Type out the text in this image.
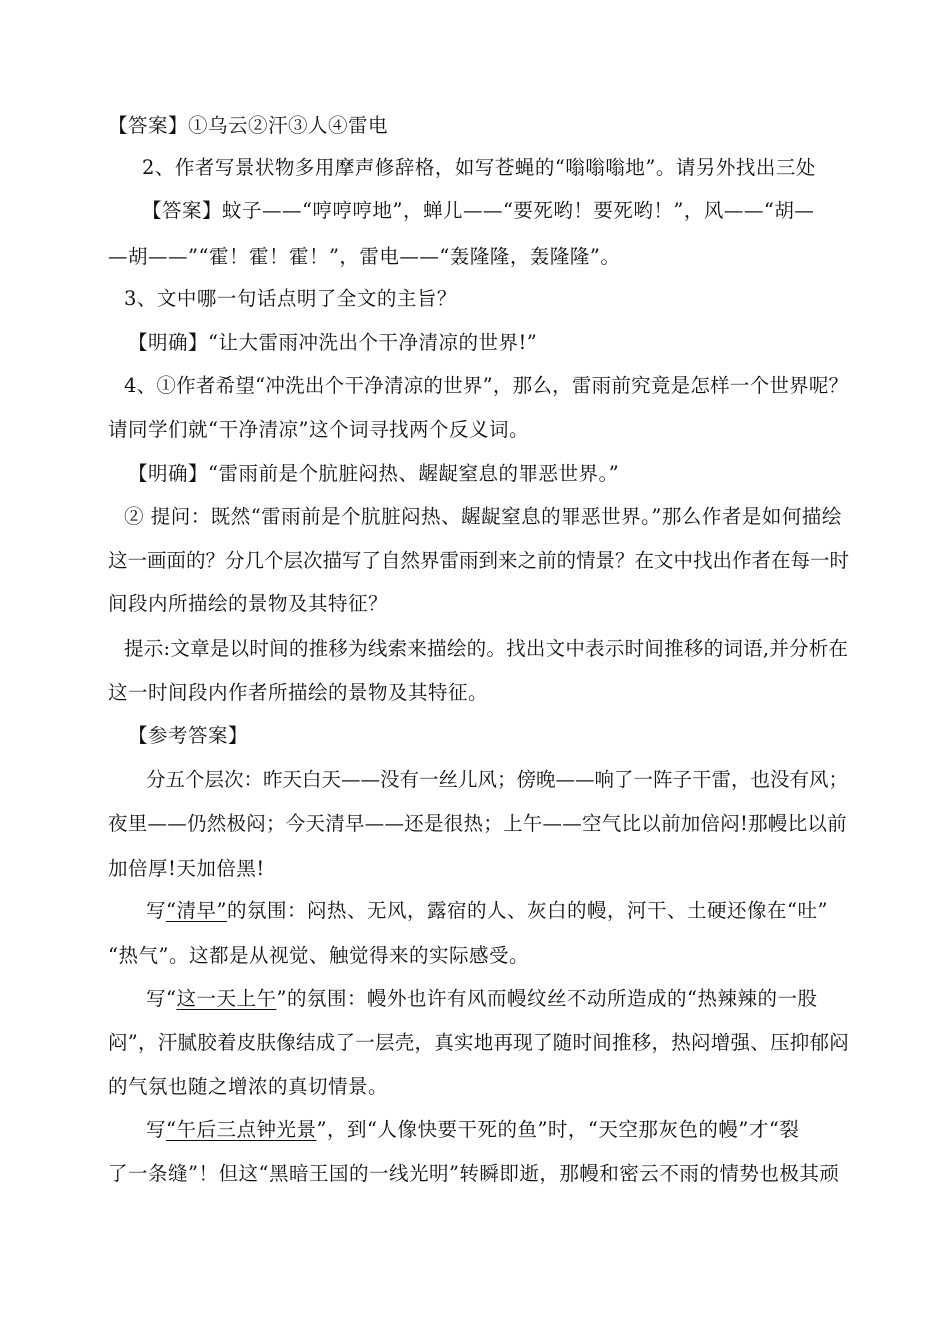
【答案】①乌云②汗③人④雷电
2、作者写景状物多用摩声修辞格，如写苍蝇的“嗡嗡嗡地”。请另外找出三处
【答案】蚊子——“哼哼哼地”，蝉儿——“要死哟！要死哟！”，风——“胡—
—胡——”“霍！霍！霍！”，雷电——“轰隆隆，轰隆隆”。
3、文中哪一句话点明了全文的主旨？
【明确】“让大雷雨冲洗出个干净清凉的世界!”
4、①作者希望“冲洗出个干净清凉的世界”，那么，雷雨前究竟是怎样一个世界呢？
请同学们就“干净清凉”这个词寻找两个反义词。
【明确】“雷雨前是个肮脏闷热、龌龊窒息的罪恶世界。”
② 提问：既然“雷雨前是个肮脏闷热、龌龊窒息的罪恶世界。”那么作者是如何描绘
这一画面的？分几个层次描写了自然界雷雨到来之前的情景？在文中找出作者在每一时
间段内所描绘的景物及其特征？
提示:文章是以时间的推移为线索来描绘的。找出文中表示时间推移的词语,并分析在
这一时间段内作者所描绘的景物及其特征。
【参考答案】
分五个层次：昨天白天——没有一丝儿风；傍晚——响了一阵子干雷，也没有风；
夜里——仍然极闷；今天清早——还是很热；上午——空气比以前加倍闷!那幔比以前
加倍厚!天加倍黑!
写“清早”的氛围：闷热、无风，露宿的人、灰白的幔，河干、土硬还像在“吐”
“热气”。这都是从视觉、触觉得来的实际感受。
写“这一天上午”的氛围：幔外也许有风而幔纹丝不动所造成的“热辣辣的一股
闷”，汗腻胶着皮肤像结成了一层壳，真实地再现了随时间推移，热闷增强、压抑郁闷
的气氛也随之增浓的真切情景。
写“午后三点钟光景”，到“人像快要干死的鱼”时，“天空那灰色的幔”才“裂
了一条缝”！但这“黑暗王国的一线光明”转瞬即逝，那幔和密云不雨的情势也极其顽
